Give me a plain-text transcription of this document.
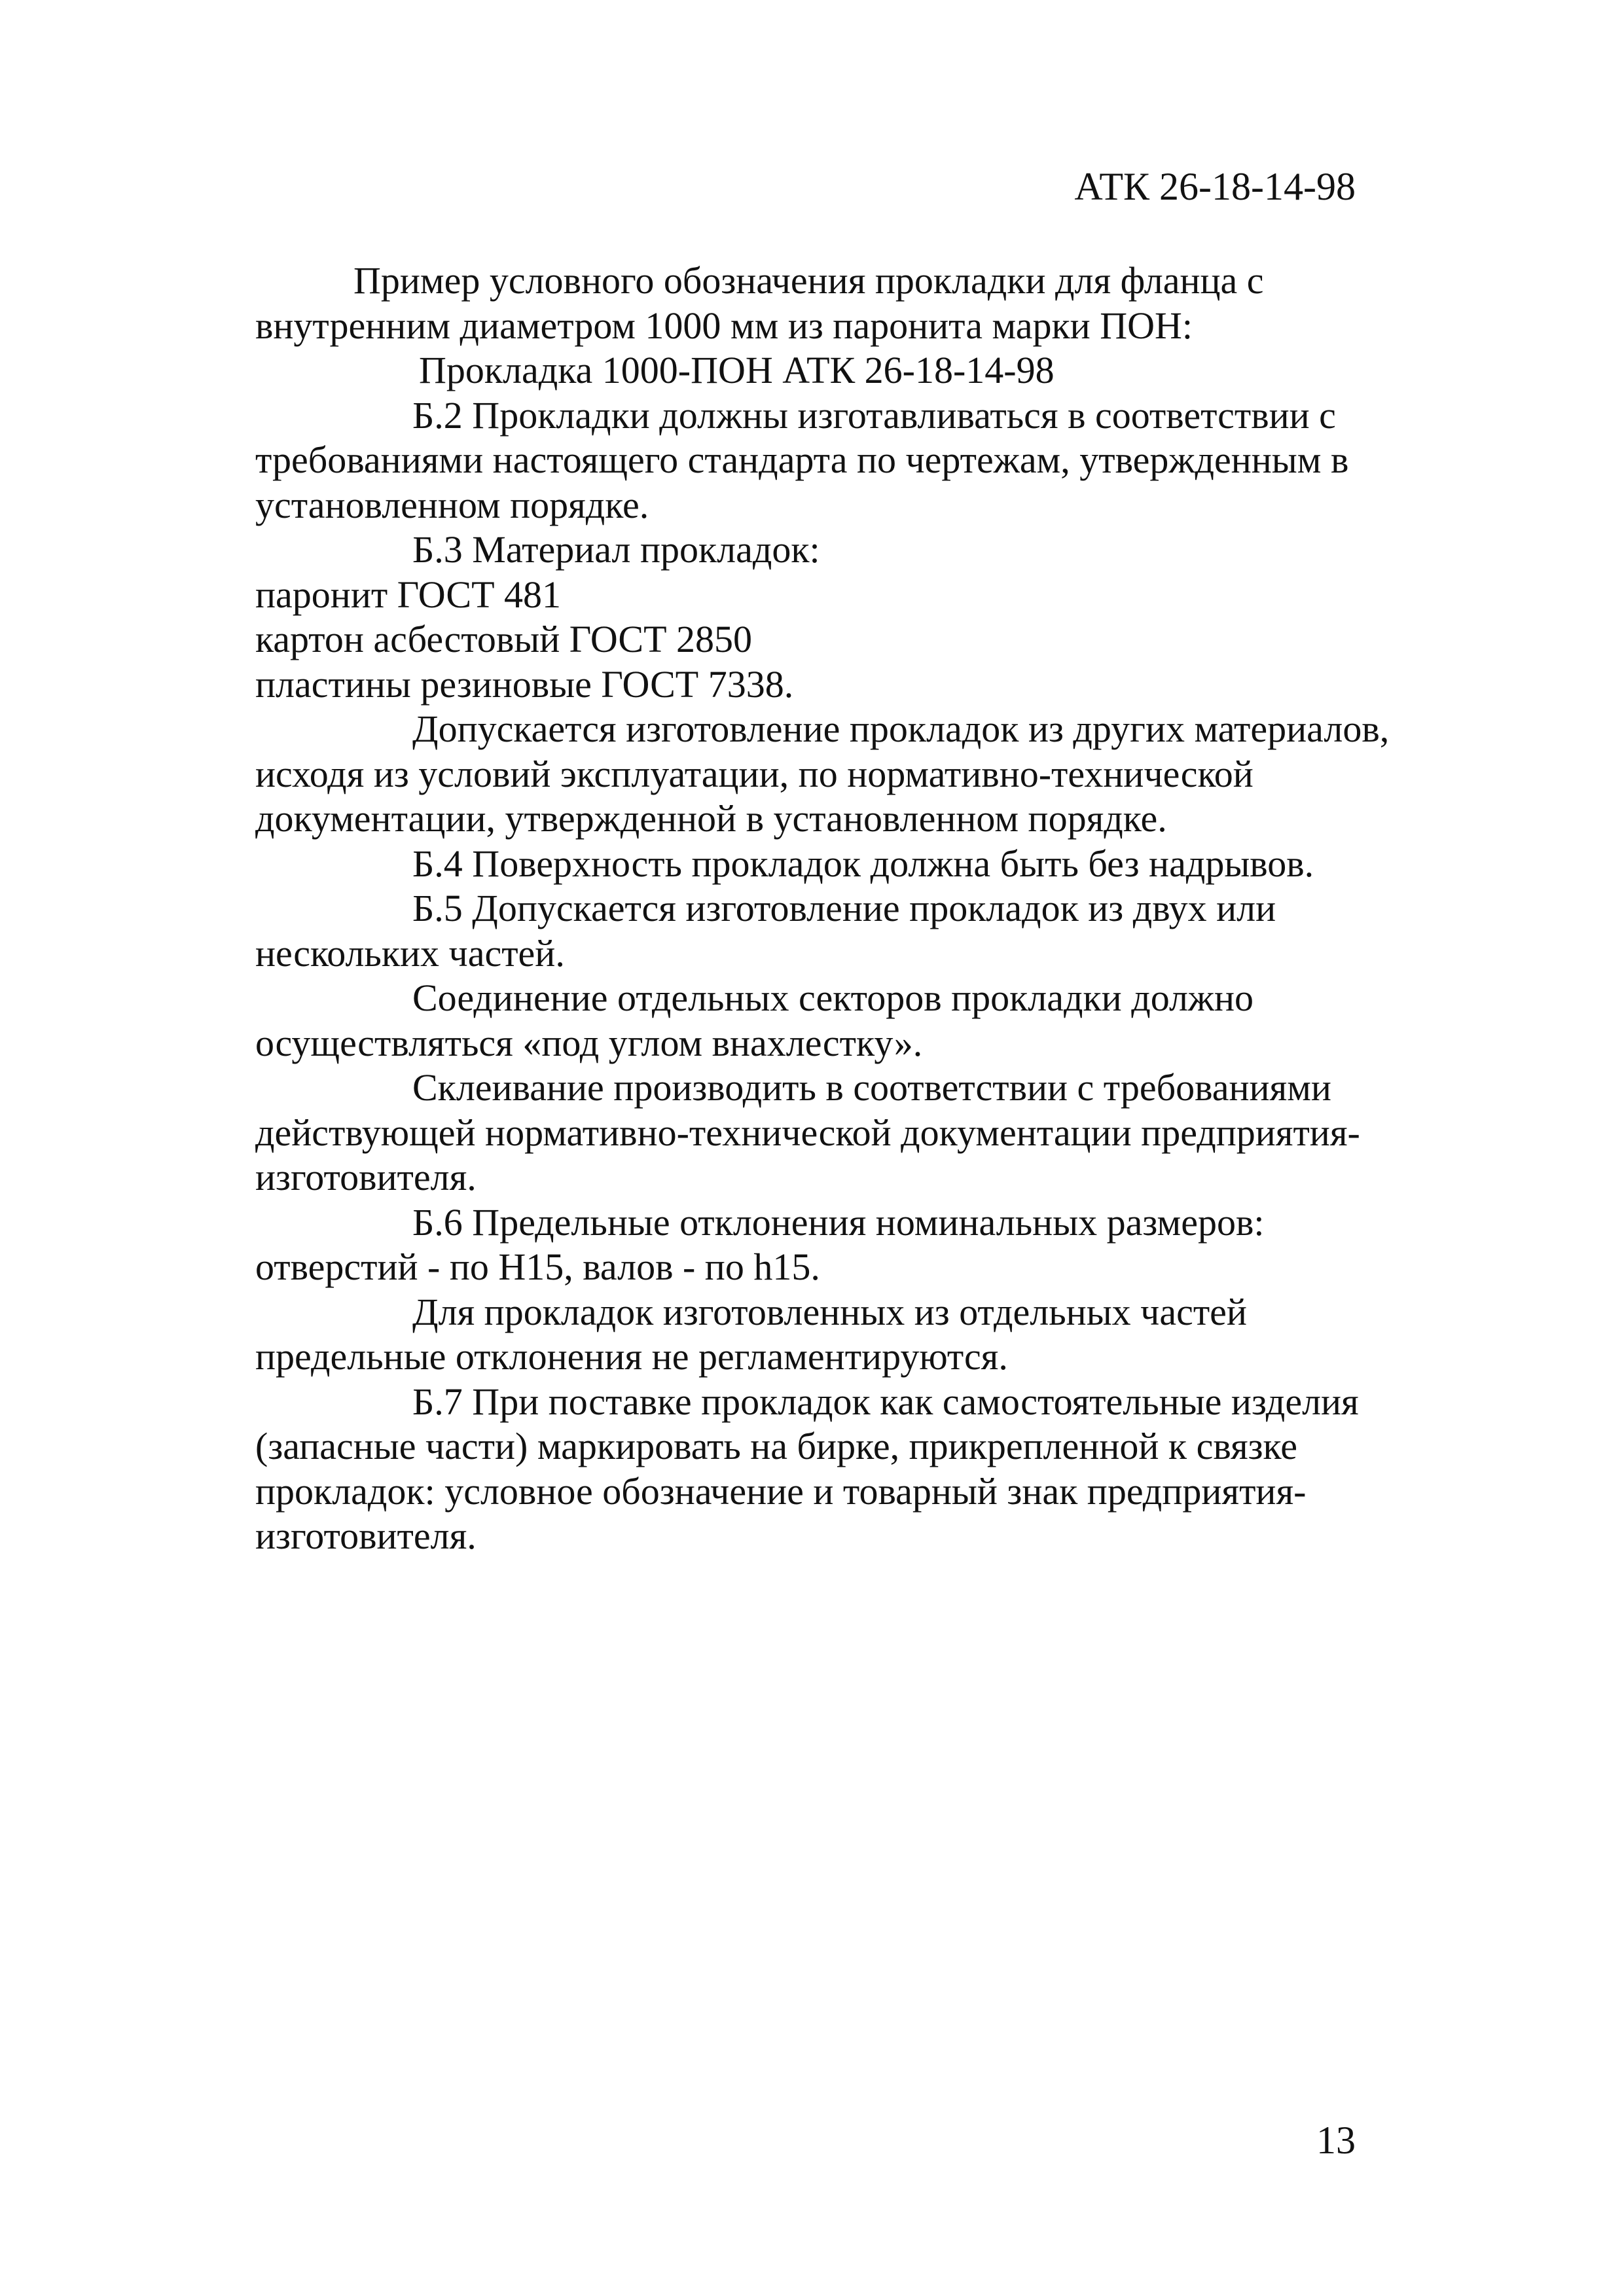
АТК 26-18-14-98
Пример условного обозначения прокладки для фланца с
внутренним диаметром 1000 мм из паронита марки ПОН:
Прокладка 1000-ПОН АТК 26-18-14-98
Б.2 Прокладки должны изготавливаться в соответствии с
требованиями настоящего стандарта по чертежам, утвержденным в
установленном порядке.
Б.3 Материал прокладок:
паронит ГОСТ 481
картон асбестовый ГОСТ 2850
пластины резиновые ГОСТ 7338.
Допускается изготовление прокладок из других материалов,
исходя из условий эксплуатации, по нормативно-технической
документации, утвержденной в установленном порядке.
Б.4 Поверхность прокладок должна быть без надрывов.
Б.5 Допускается изготовление прокладок из двух или
нескольких частей.
Соединение отдельных секторов прокладки должно
осуществляться «под углом внахлестку».
Склеивание производить в соответствии с требованиями
действующей нормативно-технической документации предприятия-
изготовителя.
Б.6 Предельные отклонения номинальных размеров:
отверстий - по Н15, валов - по h15.
Для прокладок изготовленных из отдельных частей
предельные отклонения не регламентируются.
Б.7 При поставке прокладок как самостоятельные изделия
(запасные части) маркировать на бирке, прикрепленной к связке
прокладок: условное обозначение и товарный знак предприятия-
изготовителя.
13
